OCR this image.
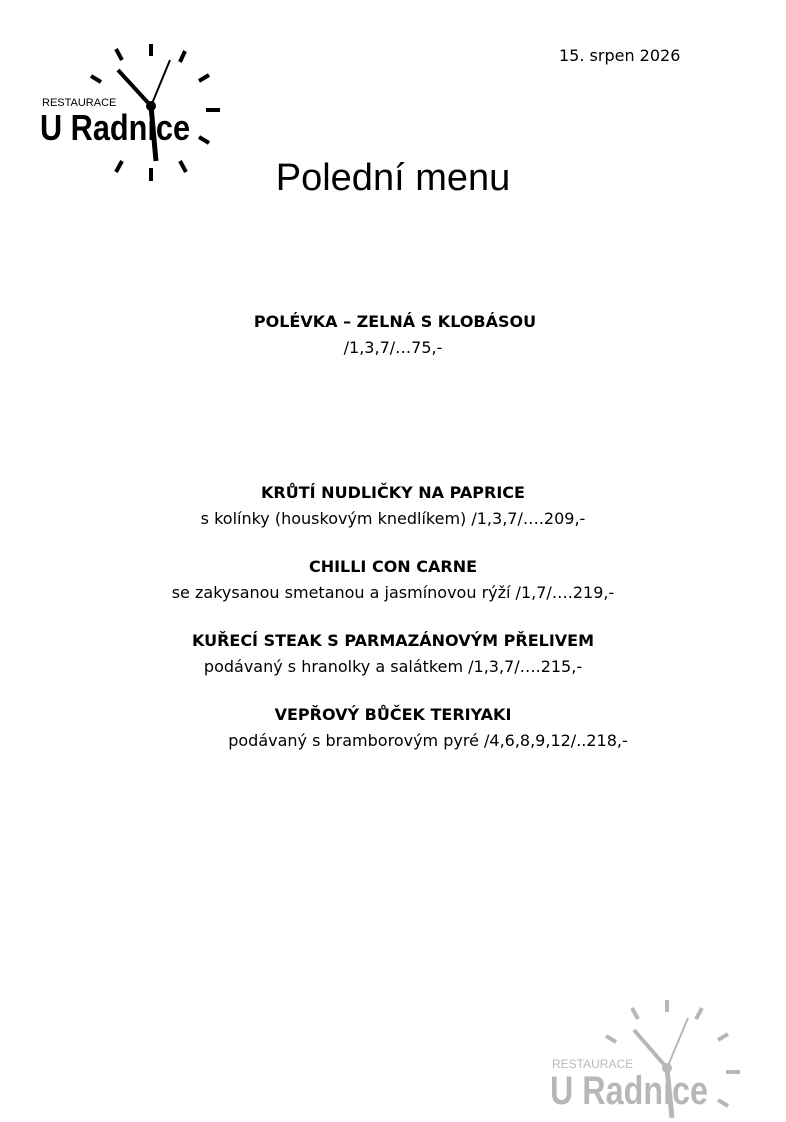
RESTAURACE
U Radnice
15. srpen 2026
Polední menu
POLÉVKA – ZELNÁ S KLOBÁSOU
/1,3,7/…75,-
KRŮTÍ NUDLIČKY NA PAPRICE
s kolínky (houskovým knedlíkem) /1,3,7/….209,-
CHILLI CON CARNE
se zakysanou smetanou a jasmínovou rýží /1,7/….219,-
KUŘECÍ STEAK S PARMAZÁNOVÝM PŘELIVEM
podávaný s hranolky a salátkem /1,3,7/….215,-
VEPŘOVÝ BŮČEK TERIYAKI
podávaný s bramborovým pyré /4,6,8,9,12/..218,-
RESTAURACE
U Radnice
